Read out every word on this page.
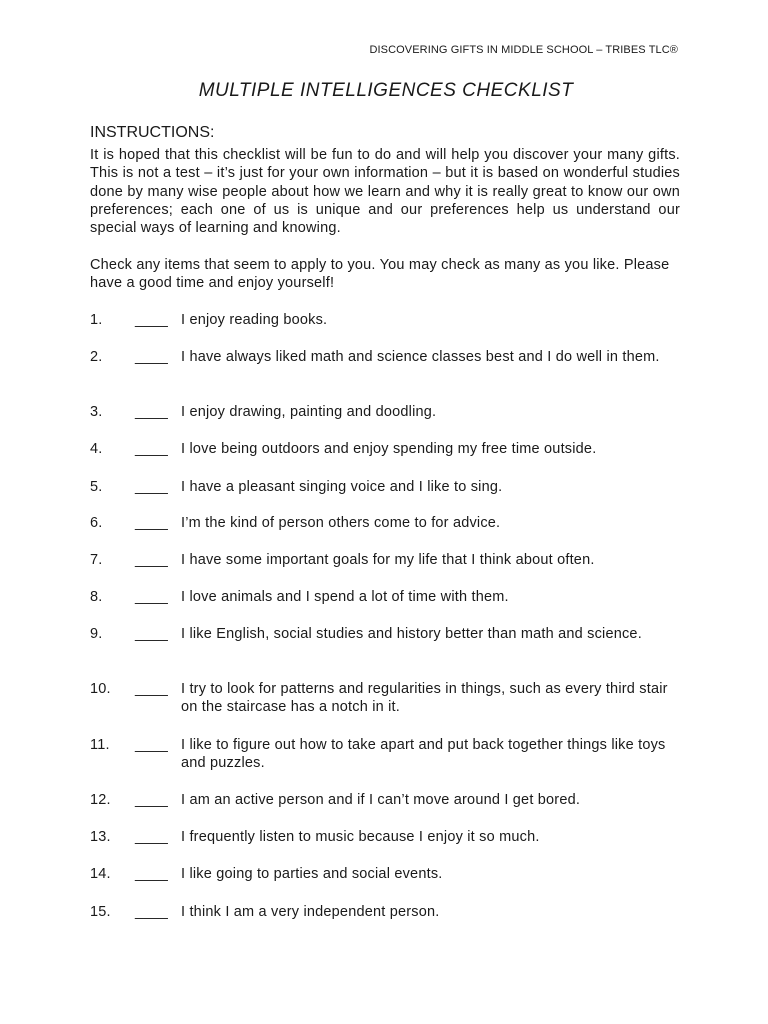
DISCOVERING GIFTS IN MIDDLE SCHOOL – TRIBES TLC®
MULTIPLE INTELLIGENCES CHECKLIST
INSTRUCTIONS:
It is hoped that this checklist will be fun to do and will help you discover your many gifts. This is not a test – it’s just for your own information – but it is based on wonderful studies done by many wise people about how we learn and why it is really great to know our own preferences; each one of us is unique and our preferences help us understand our special ways of learning and knowing.
Check any items that seem to apply to you. You may check as many as you like. Please have a good time and enjoy yourself!
1. ____ I enjoy reading books.
2. ____ I have always liked math and science classes best and I do well in them.
3. ____ I enjoy drawing, painting and doodling.
4. ____ I love being outdoors and enjoy spending my free time outside.
5. ____ I have a pleasant singing voice and I like to sing.
6. ____ I’m the kind of person others come to for advice.
7. ____ I have some important goals for my life that I think about often.
8. ____ I love animals and I spend a lot of time with them.
9. ____ I like English, social studies and history better than math and science.
10. ____ I try to look for patterns and regularities in things, such as every third stair on the staircase has a notch in it.
11. ____ I like to figure out how to take apart and put back together things like toys and puzzles.
12. ____ I am an active person and if I can’t move around I get bored.
13. ____ I frequently listen to music because I enjoy it so much.
14. ____ I like going to parties and social events.
15. ____ I think I am a very independent person.
